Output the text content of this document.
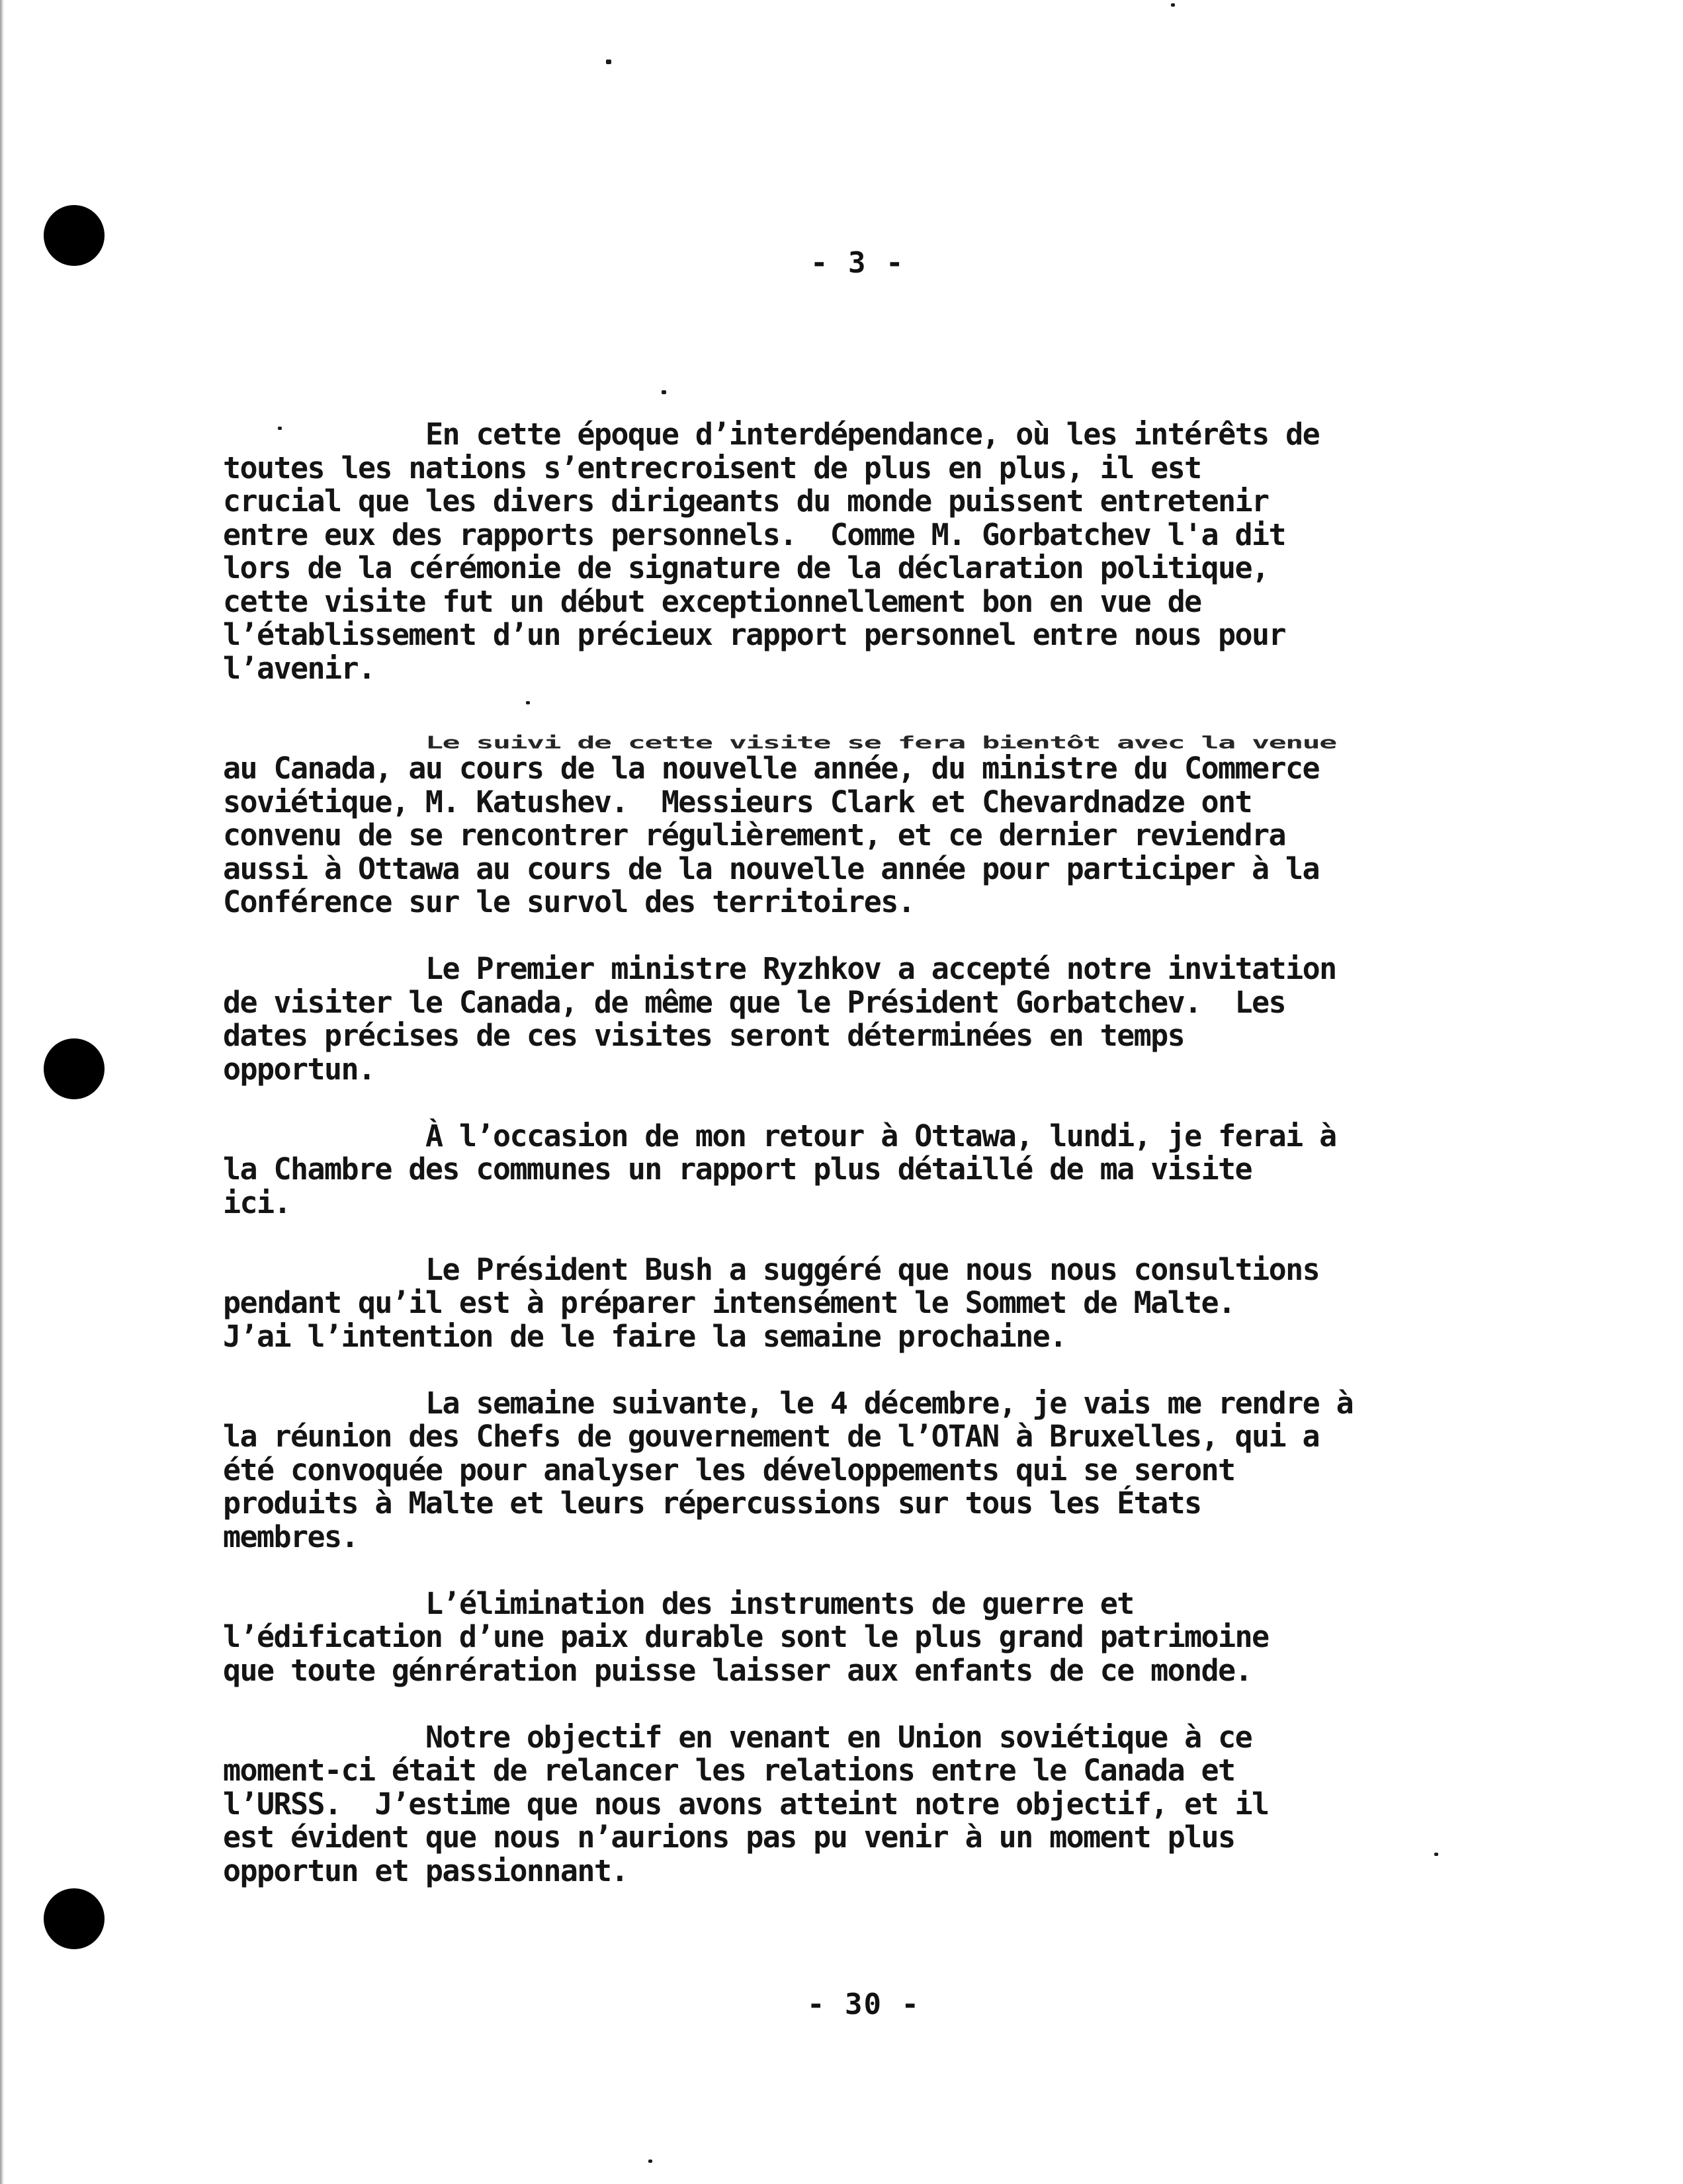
- 3 -
En cette époque d’interdépendance, où les intérêts de
toutes les nations s’entrecroisent de plus en plus, il est
crucial que les divers dirigeants du monde puissent entretenir
entre eux des rapports personnels.  Comme M. Gorbatchev l'a dit
lors de la cérémonie de signature de la déclaration politique,
cette visite fut un début exceptionnellement bon en vue de
l’établissement d’un précieux rapport personnel entre nous pour
l’avenir.
Le suivi de cette visite se fera bientôt avec la venue
au Canada, au cours de la nouvelle année, du ministre du Commerce
soviétique, M. Katushev.  Messieurs Clark et Chevardnadze ont
convenu de se rencontrer régulièrement, et ce dernier reviendra
aussi à Ottawa au cours de la nouvelle année pour participer à la
Conférence sur le survol des territoires.
Le Premier ministre Ryzhkov a accepté notre invitation
de visiter le Canada, de même que le Président Gorbatchev.  Les
dates précises de ces visites seront déterminées en temps
opportun.
À l’occasion de mon retour à Ottawa, lundi, je ferai à
la Chambre des communes un rapport plus détaillé de ma visite
ici.
Le Président Bush a suggéré que nous nous consultions
pendant qu’il est à préparer intensément le Sommet de Malte.
J’ai l’intention de le faire la semaine prochaine.
La semaine suivante, le 4 décembre, je vais me rendre à
la réunion des Chefs de gouvernement de l’OTAN à Bruxelles, qui a
été convoquée pour analyser les développements qui se seront
produits à Malte et leurs répercussions sur tous les États
membres.
L’élimination des instruments de guerre et
l’édification d’une paix durable sont le plus grand patrimoine
que toute génrération puisse laisser aux enfants de ce monde.
Notre objectif en venant en Union soviétique à ce
moment-ci était de relancer les relations entre le Canada et
l’URSS.  J’estime que nous avons atteint notre objectif, et il
est évident que nous n’aurions pas pu venir à un moment plus
opportun et passionnant.
- 30 -
